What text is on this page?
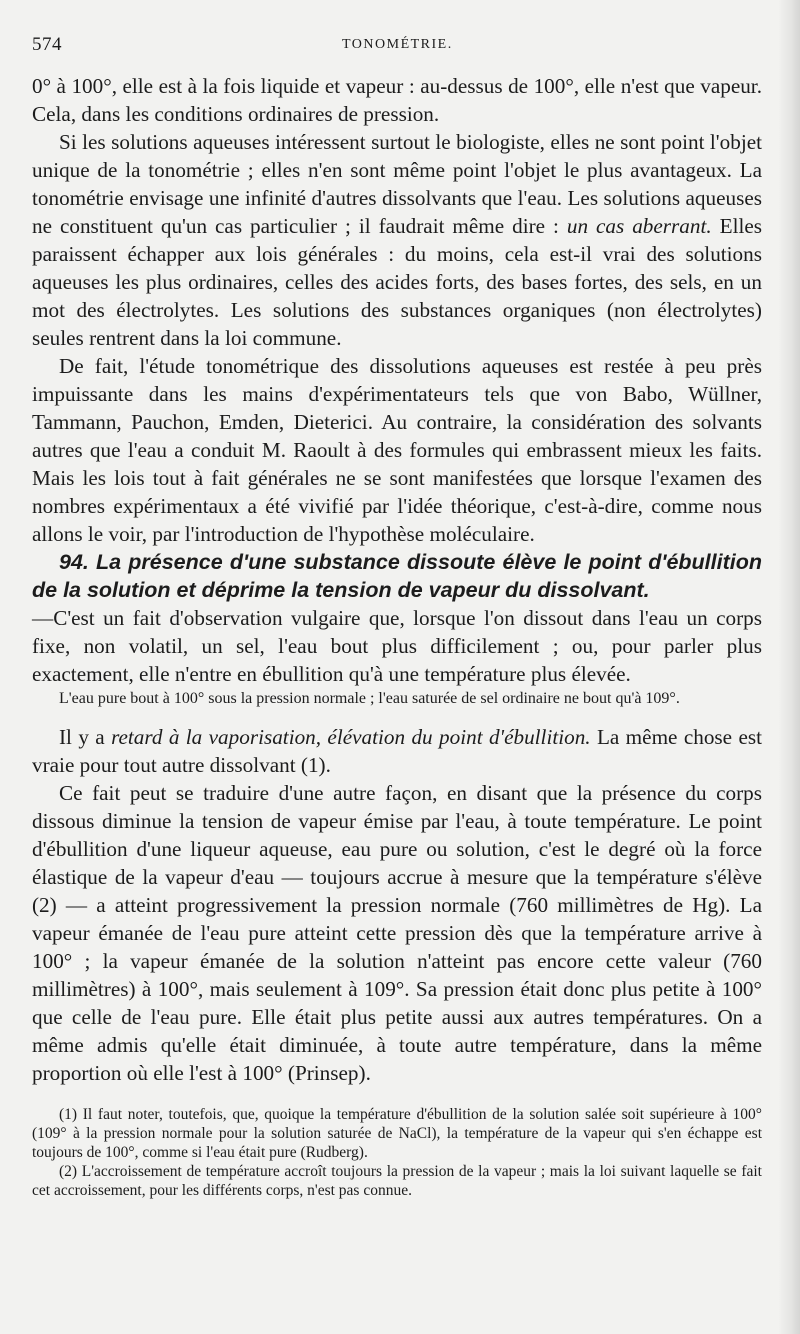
574	TONOMÉTRIE.

0° à 100°, elle est à la fois liquide et vapeur : au-dessus de 100°, elle n'est que vapeur. Cela, dans les conditions ordinaires de pression.

Si les solutions aqueuses intéressent surtout le biologiste, elles ne sont point l'objet unique de la tonométrie ; elles n'en sont même point l'objet le plus avantageux. La tonométrie envisage une infinité d'autres dissolvants que l'eau. Les solutions aqueuses ne constituent qu'un cas particulier ; il faudrait même dire : un cas aberrant. Elles paraissent échapper aux lois générales : du moins, cela est-il vrai des solutions aqueuses les plus ordinaires, celles des acides forts, des bases fortes, des sels, en un mot des électrolytes. Les solutions des substances organiques (non électrolytes) seules rentrent dans la loi commune.

De fait, l'étude tonométrique des dissolutions aqueuses est restée à peu près impuissante dans les mains d'expérimentateurs tels que von Babo, Wüllner, Tammann, Pauchon, Emden, Dieterici. Au contraire, la considération des solvants autres que l'eau a conduit M. Raoult à des formules qui embrassent mieux les faits. Mais les lois tout à fait générales ne se sont manifestées que lorsque l'examen des nombres expérimentaux a été vivifié par l'idée théorique, c'est-à-dire, comme nous allons le voir, par l'introduction de l'hypothèse moléculaire.

94. La présence d'une substance dissoute élève le point d'ébullition de la solution et déprime la tension de vapeur du dissolvant.

—C'est un fait d'observation vulgaire que, lorsque l'on dissout dans l'eau un corps fixe, non volatil, un sel, l'eau bout plus difficilement ; ou, pour parler plus exactement, elle n'entre en ébullition qu'à une température plus élevée.

L'eau pure bout à 100° sous la pression normale ; l'eau saturée de sel ordinaire ne bout qu'à 109°.

Il y a retard à la vaporisation, élévation du point d'ébullition. La même chose est vraie pour tout autre dissolvant (1).

Ce fait peut se traduire d'une autre façon, en disant que la présence du corps dissous diminue la tension de vapeur émise par l'eau, à toute température. Le point d'ébullition d'une liqueur aqueuse, eau pure ou solution, c'est le degré où la force élastique de la vapeur d'eau — toujours accrue à mesure que la température s'élève (2) — a atteint progressivement la pression normale (760 millimètres de Hg). La vapeur émanée de l'eau pure atteint cette pression dès que la température arrive à 100° ; la vapeur émanée de la solution n'atteint pas encore cette valeur (760 millimètres) à 100°, mais seulement à 109°. Sa pression était donc plus petite à 100° que celle de l'eau pure. Elle était plus petite aussi aux autres températures. On a même admis qu'elle était diminuée, à toute autre température, dans la même proportion où elle l'est à 100° (Prinsep).

(1) Il faut noter, toutefois, que, quoique la température d'ébullition de la solution salée soit supérieure à 100° (109° à la pression normale pour la solution saturée de NaCl), la température de la vapeur qui s'en échappe est toujours de 100°, comme si l'eau était pure (Rudberg).

(2) L'accroissement de température accroît toujours la pression de la vapeur ; mais la loi suivant laquelle se fait cet accroissement, pour les différents corps, n'est pas connue.
